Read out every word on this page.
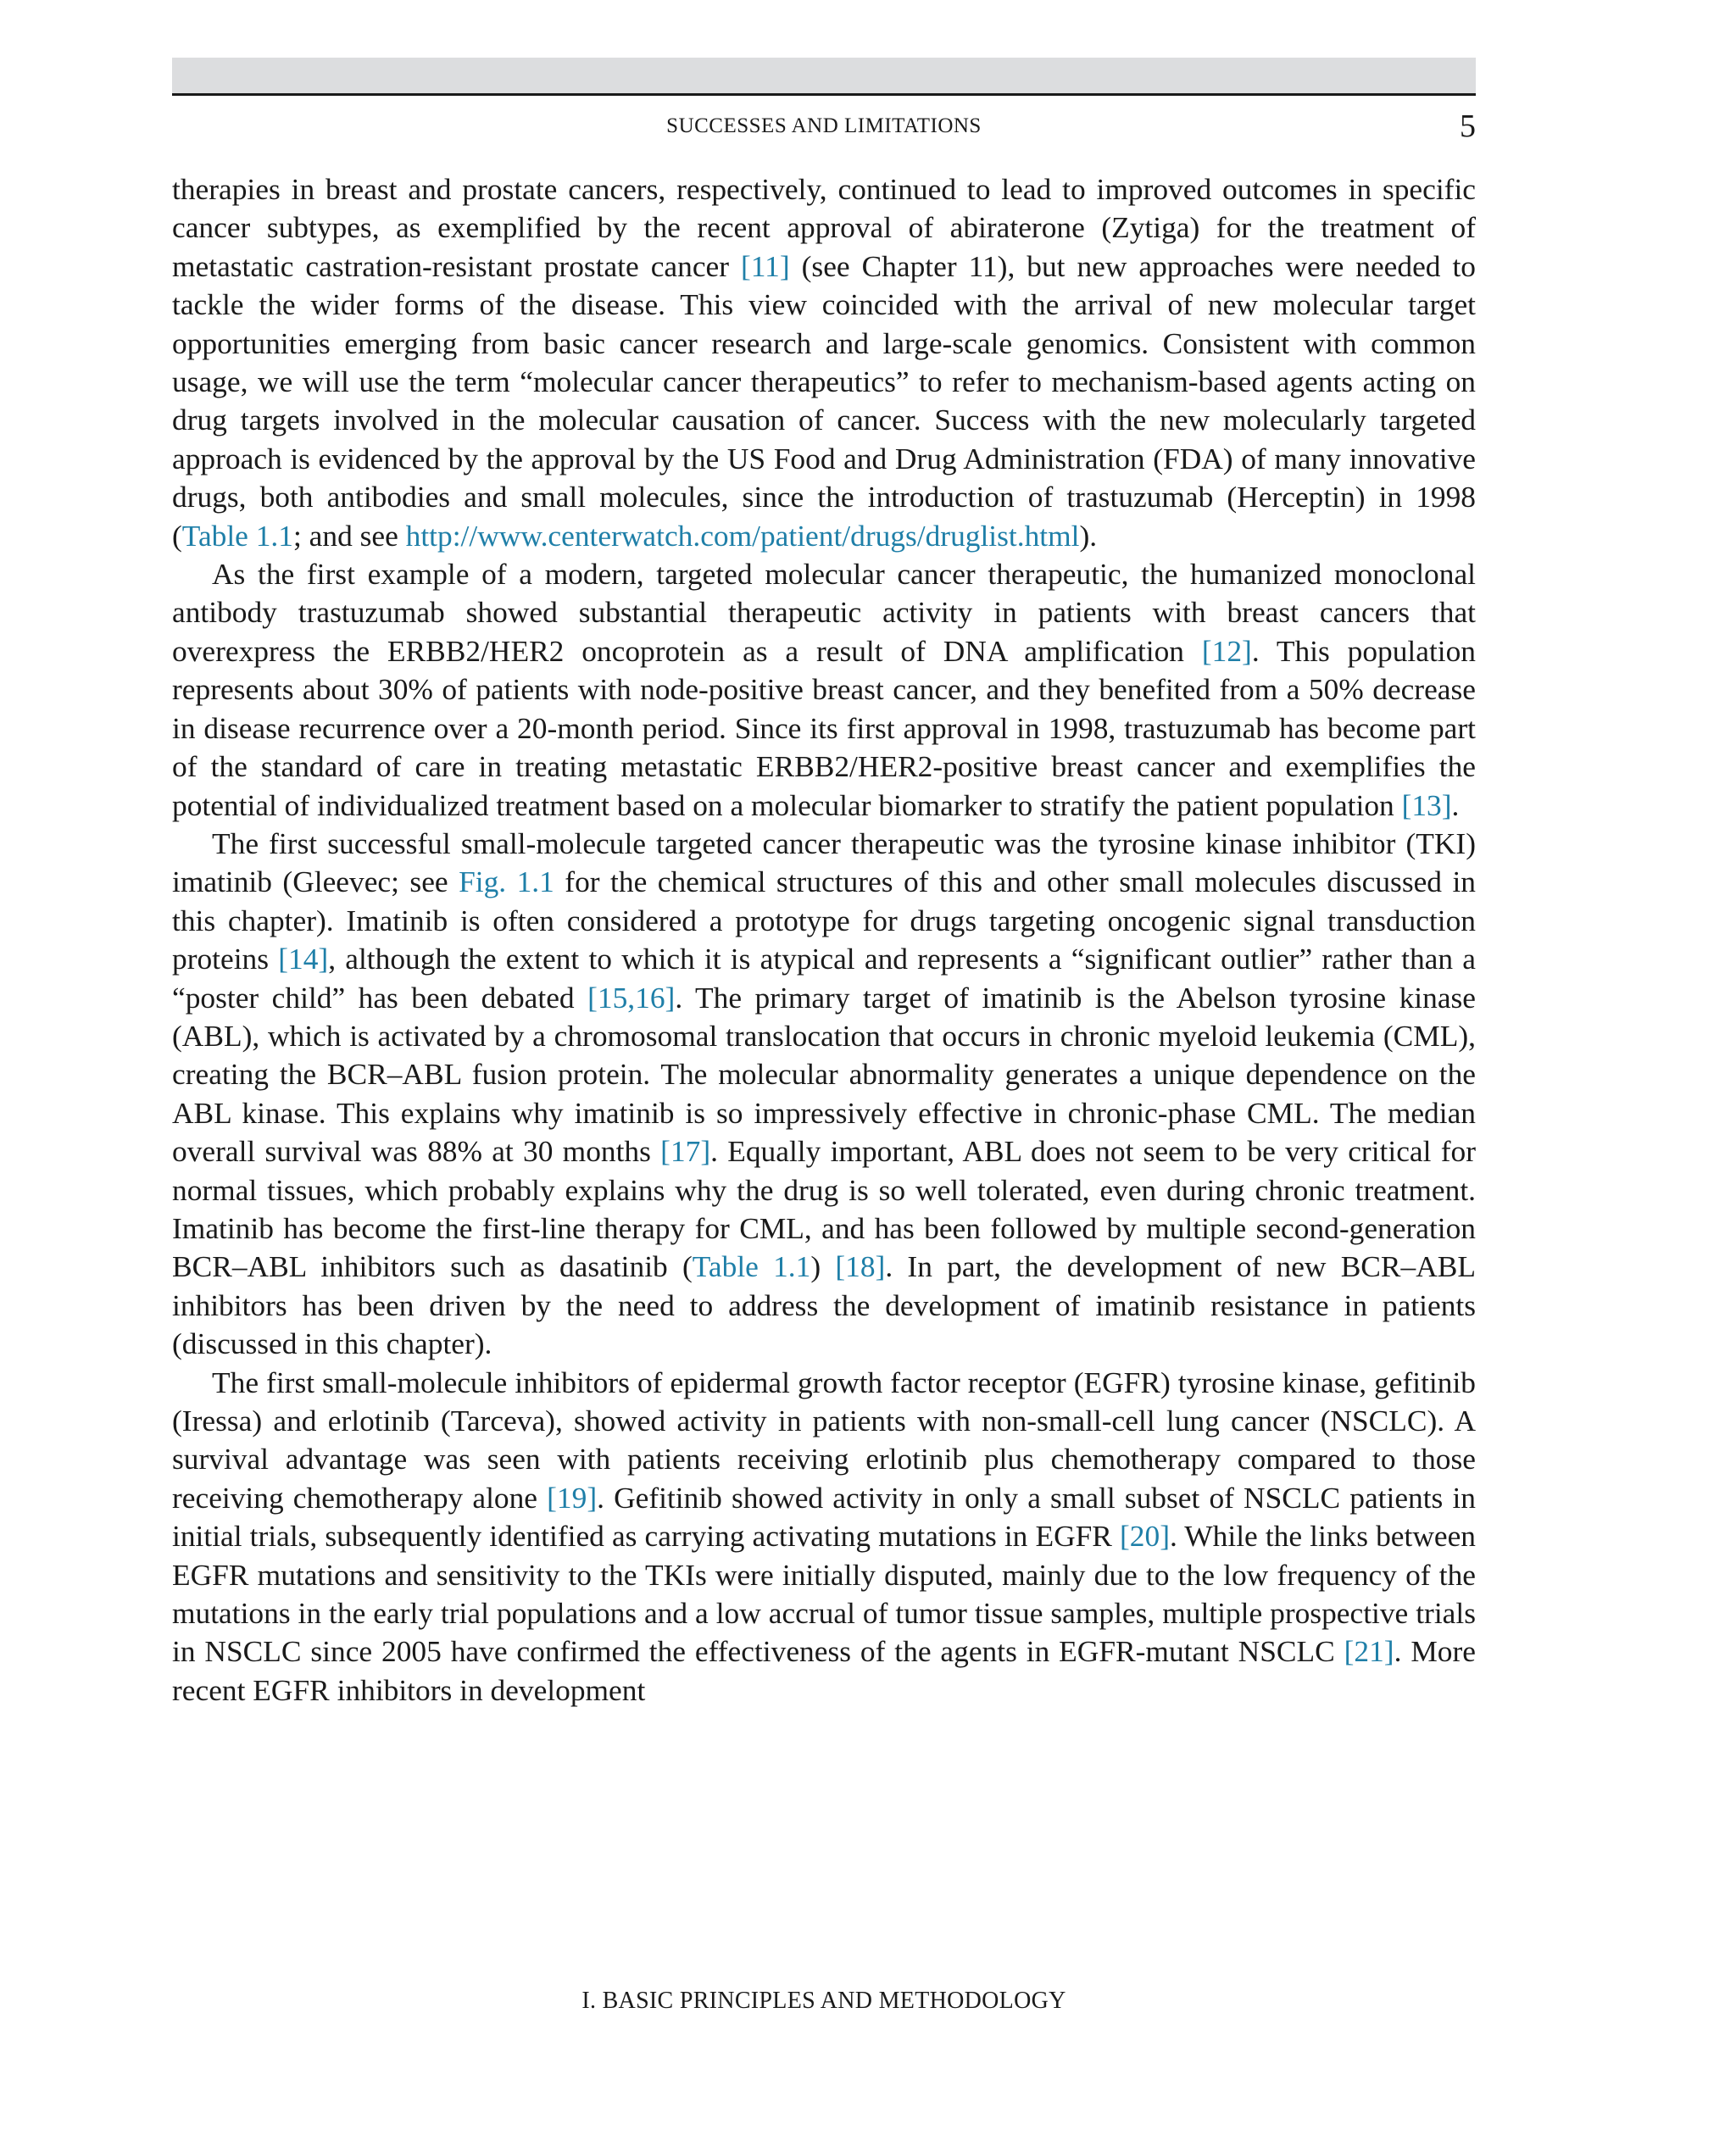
SUCCESSES AND LIMITATIONS	5

therapies in breast and prostate cancers, respectively, continued to lead to improved outcomes in specific cancer subtypes, as exemplified by the recent approval of abiraterone (Zytiga) for the treatment of metastatic castration-resistant prostate cancer [11] (see Chapter 11), but new approaches were needed to tackle the wider forms of the disease. This view coincided with the arrival of new molecular target opportunities emerging from basic cancer research and large-scale genomics. Consistent with common usage, we will use the term “molecular cancer therapeutics” to refer to mechanism-based agents acting on drug targets involved in the molecular causation of cancer. Success with the new molecularly targeted approach is evidenced by the approval by the US Food and Drug Administration (FDA) of many innovative drugs, both antibodies and small molecules, since the introduction of trastuzumab (Herceptin) in 1998 (Table 1.1; and see http://www.centerwatch.com/patient/drugs/druglist.​html).

As the first example of a modern, targeted molecular cancer therapeutic, the humanized monoclonal antibody trastuzumab showed substantial therapeutic activity in patients with breast cancers that overexpress the ERBB2/HER2 oncoprotein as a result of DNA amplification [12]. This population represents about 30% of patients with node-positive breast cancer, and they benefited from a 50% decrease in disease recurrence over a 20-month period. Since its first approval in 1998, trastuzumab has become part of the standard of care in treating metastatic ERBB2/HER2-positive breast cancer and exemplifies the potential of individualized treatment based on a molecular biomarker to stratify the patient population [13].

The first successful small-molecule targeted cancer therapeutic was the tyrosine kinase inhibitor (TKI) imatinib (Gleevec; see Fig. 1.1 for the chemical structures of this and other small molecules discussed in this chapter). Imatinib is often considered a prototype for drugs targeting oncogenic signal transduction proteins [14], although the extent to which it is atypical and represents a “significant outlier” rather than a “poster child” has been debated [15,16]. The primary target of imatinib is the Abelson tyrosine kinase (ABL), which is activated by a chromosomal translocation that occurs in chronic myeloid leukemia (CML), creating the BCR–ABL fusion protein. The molecular abnormality generates a unique dependence on the ABL kinase. This explains why imatinib is so impressively effective in chronic-phase CML. The median overall survival was 88% at 30 months [17]. Equally important, ABL does not seem to be very critical for normal tissues, which probably explains why the drug is so well tolerated, even during chronic treatment. Imatinib has become the first-line therapy for CML, and has been followed by multiple second-generation BCR–ABL inhibitors such as dasatinib (Table 1.1) [18]. In part, the development of new BCR–ABL inhibitors has been driven by the need to address the development of imatinib resistance in patients (discussed in this chapter).

The first small-molecule inhibitors of epidermal growth factor receptor (EGFR) tyrosine kinase, gefitinib (Iressa) and erlotinib (Tarceva), showed activity in patients with non-small-cell lung cancer (NSCLC). A survival advantage was seen with patients receiving erlotinib plus chemotherapy compared to those receiving chemotherapy alone [19]. Gefitinib showed activity in only a small subset of NSCLC patients in initial trials, subsequently identified as carrying activating mutations in EGFR [20]. While the links between EGFR mutations and sensitivity to the TKIs were initially disputed, mainly due to the low frequency of the mutations in the early trial populations and a low accrual of tumor tissue samples, multiple prospective trials in NSCLC since 2005 have confirmed the effectiveness of the agents in EGFR-mutant NSCLC [21]. More recent EGFR inhibitors in development

I. BASIC PRINCIPLES AND METHODOLOGY
